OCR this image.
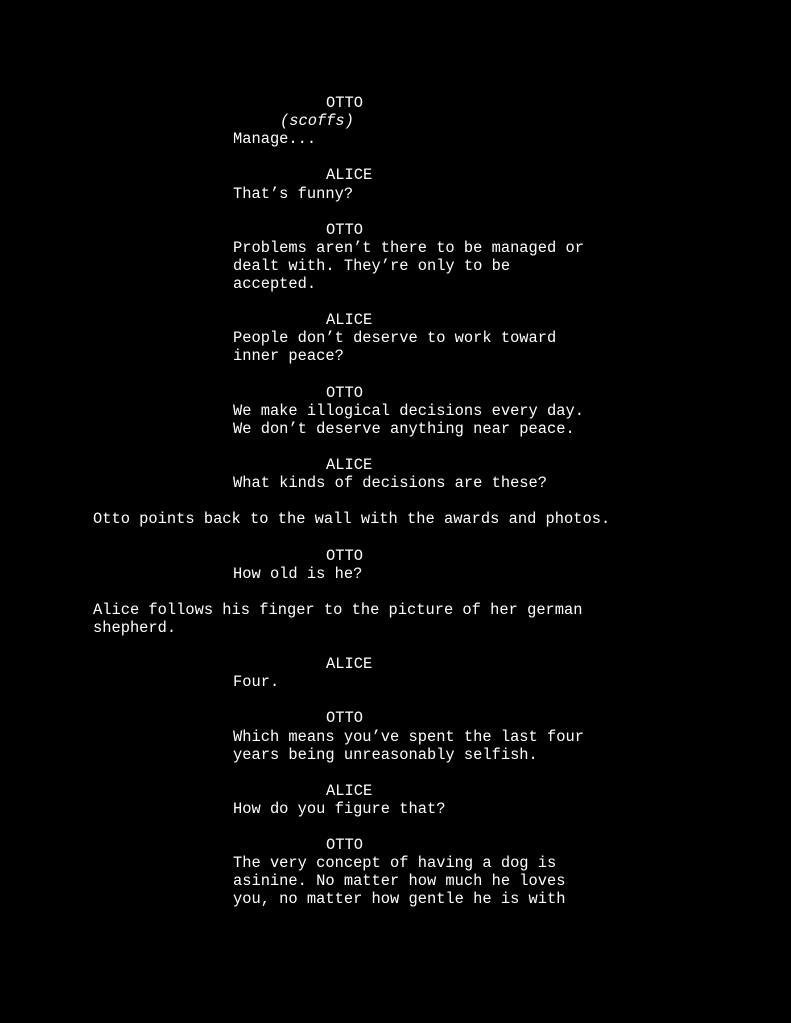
OTTO
(scoffs)
Manage...
ALICE
That’s funny?
OTTO
Problems aren’t there to be managed or
dealt with. They’re only to be
accepted.
ALICE
People don’t deserve to work toward
inner peace?
OTTO
We make illogical decisions every day.
We don’t deserve anything near peace.
ALICE
What kinds of decisions are these?
Otto points back to the wall with the awards and photos.
OTTO
How old is he?
Alice follows his finger to the picture of her german
shepherd.
ALICE
Four.
OTTO
Which means you’ve spent the last four
years being unreasonably selfish.
ALICE
How do you figure that?
OTTO
The very concept of having a dog is
asinine. No matter how much he loves
you, no matter how gentle he is with
